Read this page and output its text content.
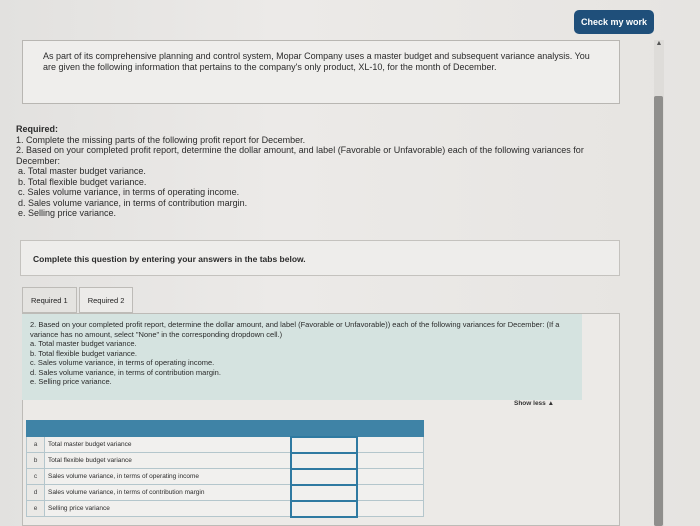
Check my work
▲
As part of its comprehensive planning and control system, Mopar Company uses a master budget and subsequent variance analysis. You are given the following information that pertains to the company's only product, XL-10, for the month of December.
Required:
1. Complete the missing parts of the following profit report for December.
2. Based on your completed profit report, determine the dollar amount, and label (Favorable or Unfavorable) each of the following variances for December:
a. Total master budget variance.
b. Total flexible budget variance.
c. Sales volume variance, in terms of operating income.
d. Sales volume variance, in terms of contribution margin.
e. Selling price variance.
Complete this question by entering your answers in the tabs below.
Required 1	Required 2
2. Based on your completed profit report, determine the dollar amount, and label (Favorable or Unfavorable)) each of the following variances for December: (If a variance has no amount, select "None" in the corresponding dropdown cell.)
a. Total master budget variance.
b. Total flexible budget variance.
c. Sales volume variance, in terms of operating income.
d. Sales volume variance, in terms of contribution margin.
e. Selling price variance.
Show less ▲

a	Total master budget variance		
b	Total flexible budget variance		
c	Sales volume variance, in terms of operating income		
d	Sales volume variance, in terms of contribution margin		
e	Selling price variance		
